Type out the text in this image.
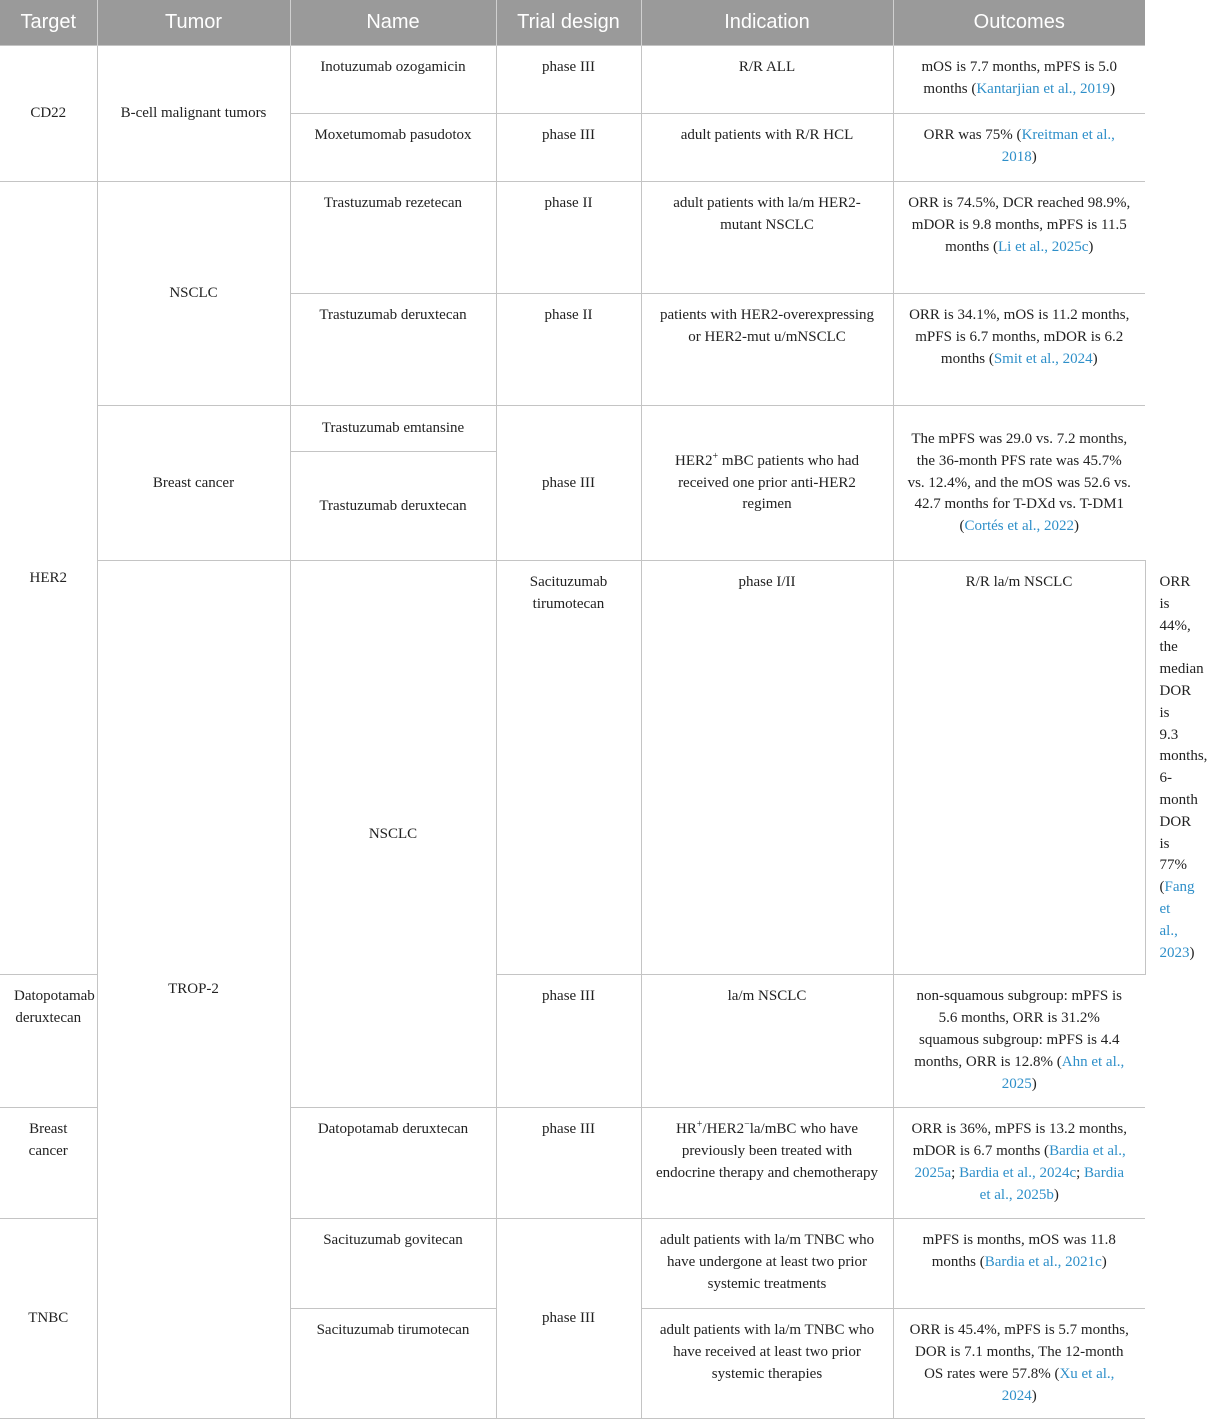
Target	Tumor	Name	Trial design	Indication	Outcomes	
CD22	B-cell malignant tumors	Inotuzumab ozogamicin	phase III	R/R ALL	mOS is 7.7 months, mPFS is 5.0 months (Kantarjian et al., 2019)	
		Moxetumomab pasudotox	phase III	adult patients with R/R HCL	ORR was 75% (Kreitman et al., 2018)	
HER2	NSCLC	Trastuzumab rezetecan	phase II	adult patients with la/m HER2-mutant NSCLC	ORR is 74.5%, DCR reached 98.9%, mDOR is 9.8 months, mPFS is 11.5 months (Li et al., 2025c)	
		Trastuzumab deruxtecan	phase II	patients with HER2-overexpressing or HER2-mut u/mNSCLC	ORR is 34.1%, mOS is 11.2 months, mPFS is 6.7 months, mDOR is 6.2 months (Smit et al., 2024)	
	Breast cancer	Trastuzumab emtansine	phase III	HER2+ mBC patients who had received one prior anti-HER2 regimen	The mPFS was 29.0 vs. 7.2 months, the 36-month PFS rate was 45.7% vs. 12.4%, and the mOS was 52.6 vs. 42.7 months for T-DXd vs. T-DM1 (Cortés et al., 2022)	
		Trastuzumab deruxtecan				
	TROP-2	NSCLC	Sacituzumab tirumotecan	phase I/II	R/R la/m NSCLC	ORR is 44%, the median DOR is 9.3 months, 6-month DOR is 77% (Fang et al., 2023)
Datopotamab deruxtecan			phase III	la/m NSCLC	non-squamous subgroup: mPFS is 5.6 months, ORR is 31.2% squamous subgroup: mPFS is 4.4 months, ORR is 12.8% (Ahn et al., 2025)	
Breast cancer		Datopotamab deruxtecan	phase III	HR+/HER2−la/mBC who have previously been treated with endocrine therapy and chemotherapy	ORR is 36%, mPFS is 13.2 months, mDOR is 6.7 months (Bardia et al., 2025a; Bardia et al., 2024c; Bardia et al., 2025b)	
TNBC		Sacituzumab govitecan	phase III	adult patients with la/m TNBC who have undergone at least two prior systemic treatments	mPFS is months, mOS was 11.8 months (Bardia et al., 2021c)	
		Sacituzumab tirumotecan		adult patients with la/m TNBC who have received at least two prior systemic therapies	ORR is 45.4%, mPFS is 5.7 months, DOR is 7.1 months, The 12-month OS rates were 57.8% (Xu et al., 2024)	
